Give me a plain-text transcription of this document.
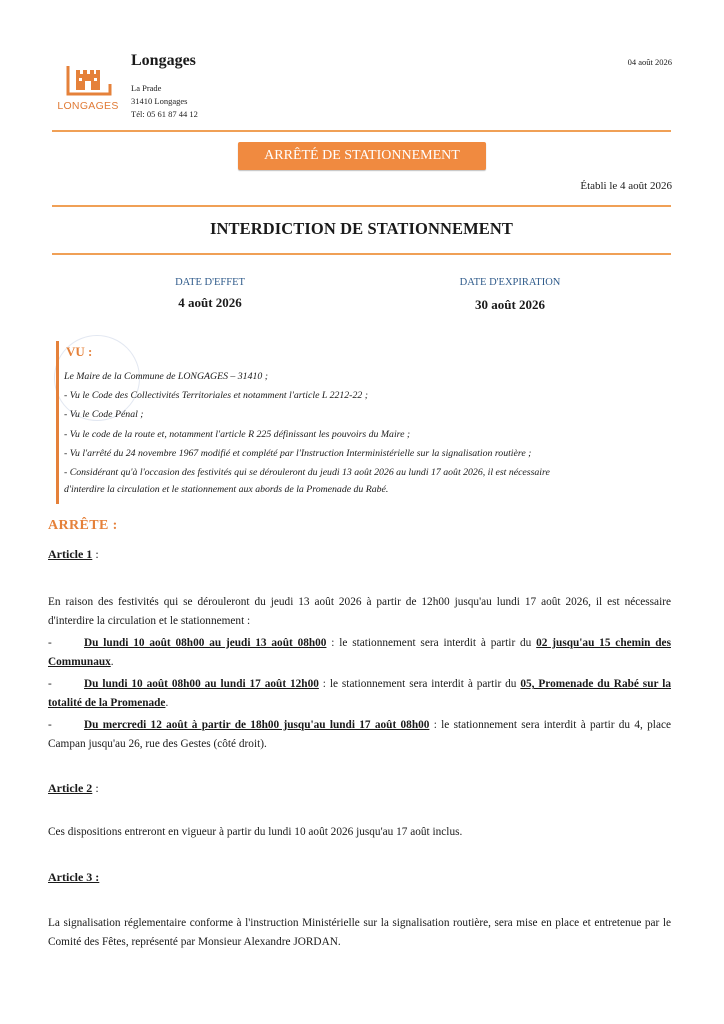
LONGAGES
Longages
La Prade
31410 Longages
Tél: 05 61 87 44 12
04 août 2026
ARRÊTÉ DE STATIONNEMENT
Établi le 4 août 2026
INTERDICTION DE STATIONNEMENT
DATE D'EFFET
4 août 2026
DATE D'EXPIRATION
30 août 2026
VU :
Le Maire de la Commune de LONGAGES – 31410 ;
- Vu le Code des Collectivités Territoriales et notamment l'article L 2212-22 ;
- Vu le Code Pénal ;
- Vu le code de la route et, notamment l'article R 225 définissant les pouvoirs du Maire ;
- Vu l'arrêté du 24 novembre 1967 modifié et complété par l'Instruction Interministérielle sur la signalisation routière ;
- Considérant qu'à l'occasion des festivités qui se dérouleront du jeudi 13 août 2026 au lundi 17 août 2026, il est nécessaire
d'interdire la circulation et le stationnement aux abords de la Promenade du Rabé.
ARRÊTE :
Article 1 :
En raison des festivités qui se dérouleront du jeudi 13 août 2026 à partir de 12h00 jusqu'au lundi 17 août 2026, il est nécessaire d'interdire la circulation et le stationnement :
-	Du lundi 10 août 08h00 au jeudi 13 août 08h00 : le stationnement sera interdit à partir du 02 jusqu'au 15 chemin des Communaux.
-	Du lundi 10 août 08h00 au lundi 17 août 12h00 : le stationnement sera interdit à partir du 05, Promenade du Rabé sur la totalité de la Promenade.
-	Du mercredi 12 août à partir de 18h00 jusqu'au lundi 17 août 08h00 : le stationnement sera interdit à partir du 4, place Campan jusqu'au 26, rue des Gestes (côté droit).
Article 2 :
Ces dispositions entreront en vigueur à partir du lundi 10 août 2026 jusqu'au 17 août inclus.
Article 3 :
La signalisation réglementaire conforme à l'instruction Ministérielle sur la signalisation routière, sera mise en place et entretenue par le Comité des Fêtes, représenté par Monsieur Alexandre JORDAN.
